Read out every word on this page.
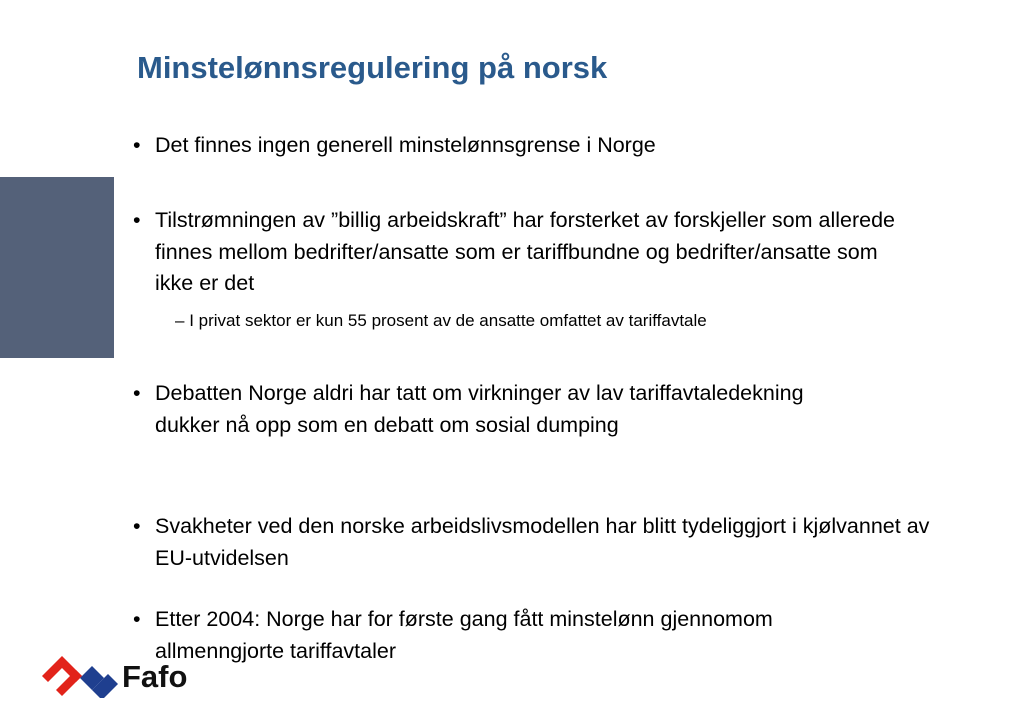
Minstelønnsregulering på norsk
• Det finnes ingen generell minstelønnsgrense i Norge
• Tilstrømningen av ”billig arbeidskraft” har forsterket av forskjeller som allerede finnes mellom bedrifter/ansatte som er tariffbundne og bedrifter/ansatte som ikke er det
– I privat sektor er kun 55 prosent av de ansatte omfattet av tariffavtale
• Debatten Norge aldri har tatt om virkninger av lav tariffavtaledekning dukker nå opp som en debatt om sosial dumping
• Svakheter ved den norske arbeidslivsmodellen har blitt tydeliggjort i kjølvannet av EU-utvidelsen
• Etter 2004: Norge har for første gang fått minstelønn gjennomom allmenngjorte tariffavtaler
Fafo
